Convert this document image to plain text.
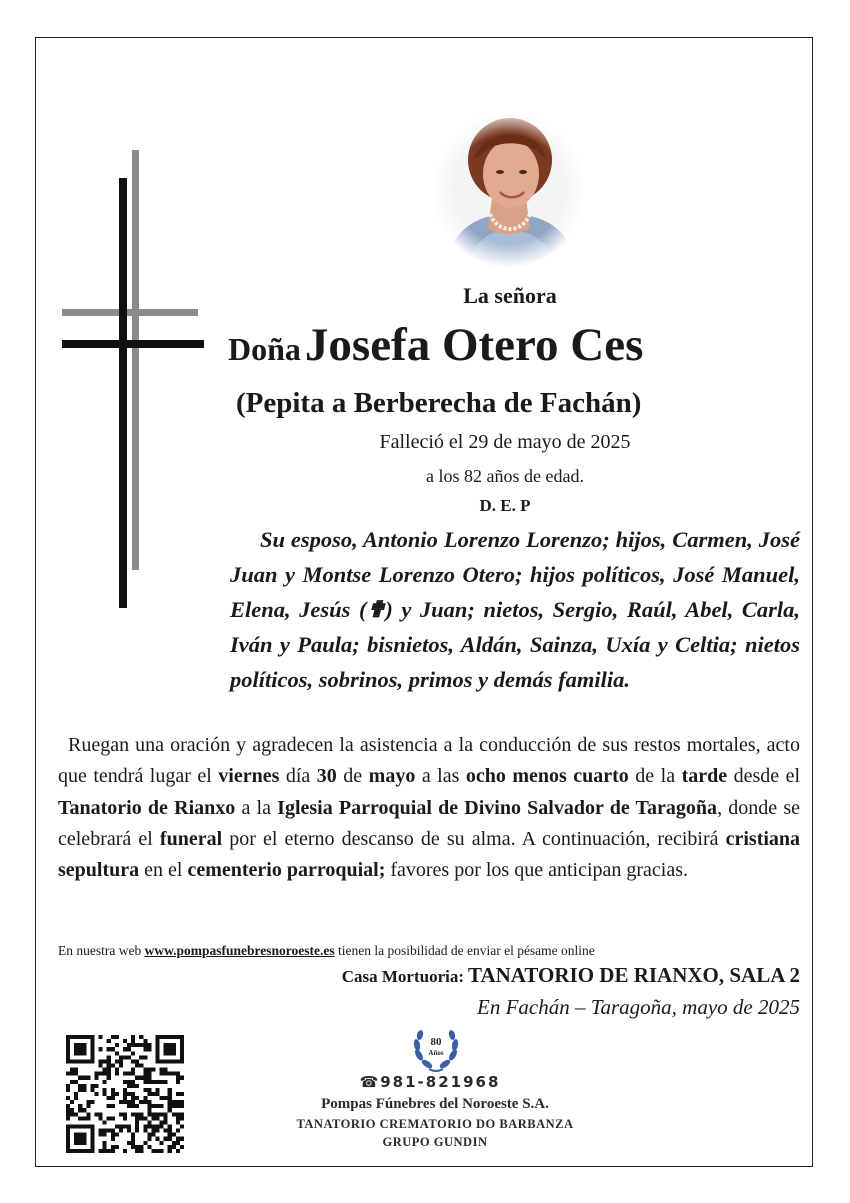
La señora
Doña Josefa Otero Ces
(Pepita a Berberecha de Fachán)
Falleció el 29 de mayo de 2025
a los 82 años de edad.
D. E. P
Su esposo, Antonio Lorenzo Lorenzo; hijos, Carmen, José Juan y Montse Lorenzo Otero; hijos políticos, José Manuel, Elena, Jesús (✟) y Juan; nietos, Sergio, Raúl, Abel, Carla, Iván y Paula; bisnietos, Aldán, Sainza, Uxía y Celtia; nietos políticos, sobrinos, primos y demás familia.
Ruegan una oración y agradecen la asistencia a la conducción de sus restos mortales, acto que tendrá lugar el viernes día 30 de mayo a las ocho menos cuarto de la tarde desde el Tanatorio de Rianxo a la Iglesia Parroquial de Divino Salvador de Taragoña, donde se celebrará el funeral por el eterno descanso de su alma. A continuación, recibirá cristiana sepultura en el cementerio parroquial; favores por los que anticipan gracias.
En nuestra web www.pompasfunebresnoroeste.es tienen la posibilidad de enviar el pésame online
Casa Mortuoria: TANATORIO DE RIANXO, SALA 2
En Fachán – Taragoña, mayo de 2025
80
Años
☎981-821968
Pompas Fúnebres del Noroeste S.A.
TANATORIO CREMATORIO DO BARBANZA
GRUPO GUNDIN
